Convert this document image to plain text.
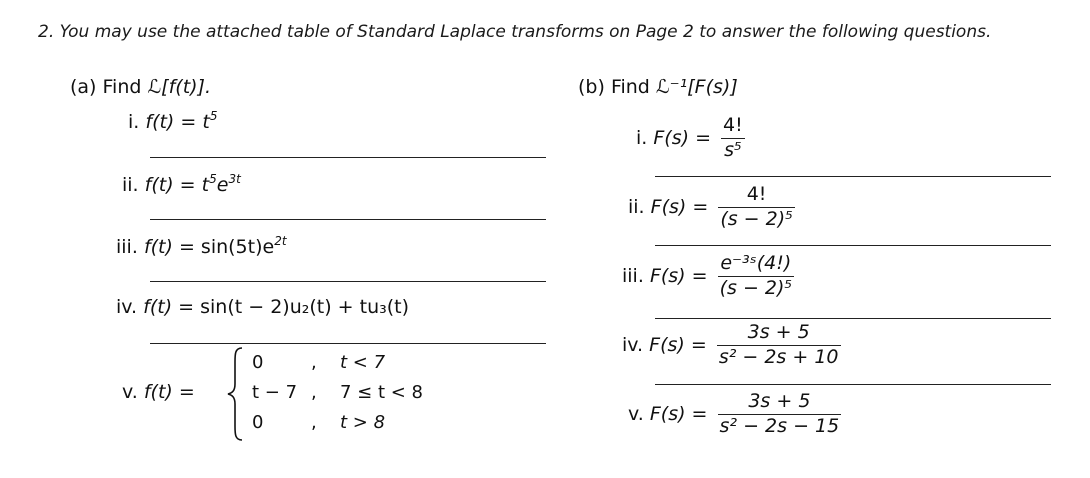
2. You may use the attached table of Standard Laplace transforms on Page 2 to answer the following questions.
(a) Find ℒ[f(t)].	(b) Find ℒ⁻¹[F(s)]
i. $f(t) = t^5$
ii. $f(t) = t^5e^{3t}$
iii. $f(t) = \sin(5t)e^{2t}$
iv. f(t) = sin(t − 2)u₂(t) + tu₃(t)
v. f(t) =
0	, t < 7
t − 7 , 7 ≤ t < 8
0	, t > 8
i. $F(s) = \frac{4!}{\text{s⁵}}$
ii. $F(s) = \frac{4!}{\text{(s − 2)⁵}}$
iii. $F(s) = \frac{\text{e⁻³ˢ(4!)}}{\text{(s − 2)⁵}}$
iv. $F(s) = \frac{3s + 5}{\text{s² − 2s + 10}}$
v. $F(s) = \frac{3s + 5}{\text{s² − 2s − 15}}$
